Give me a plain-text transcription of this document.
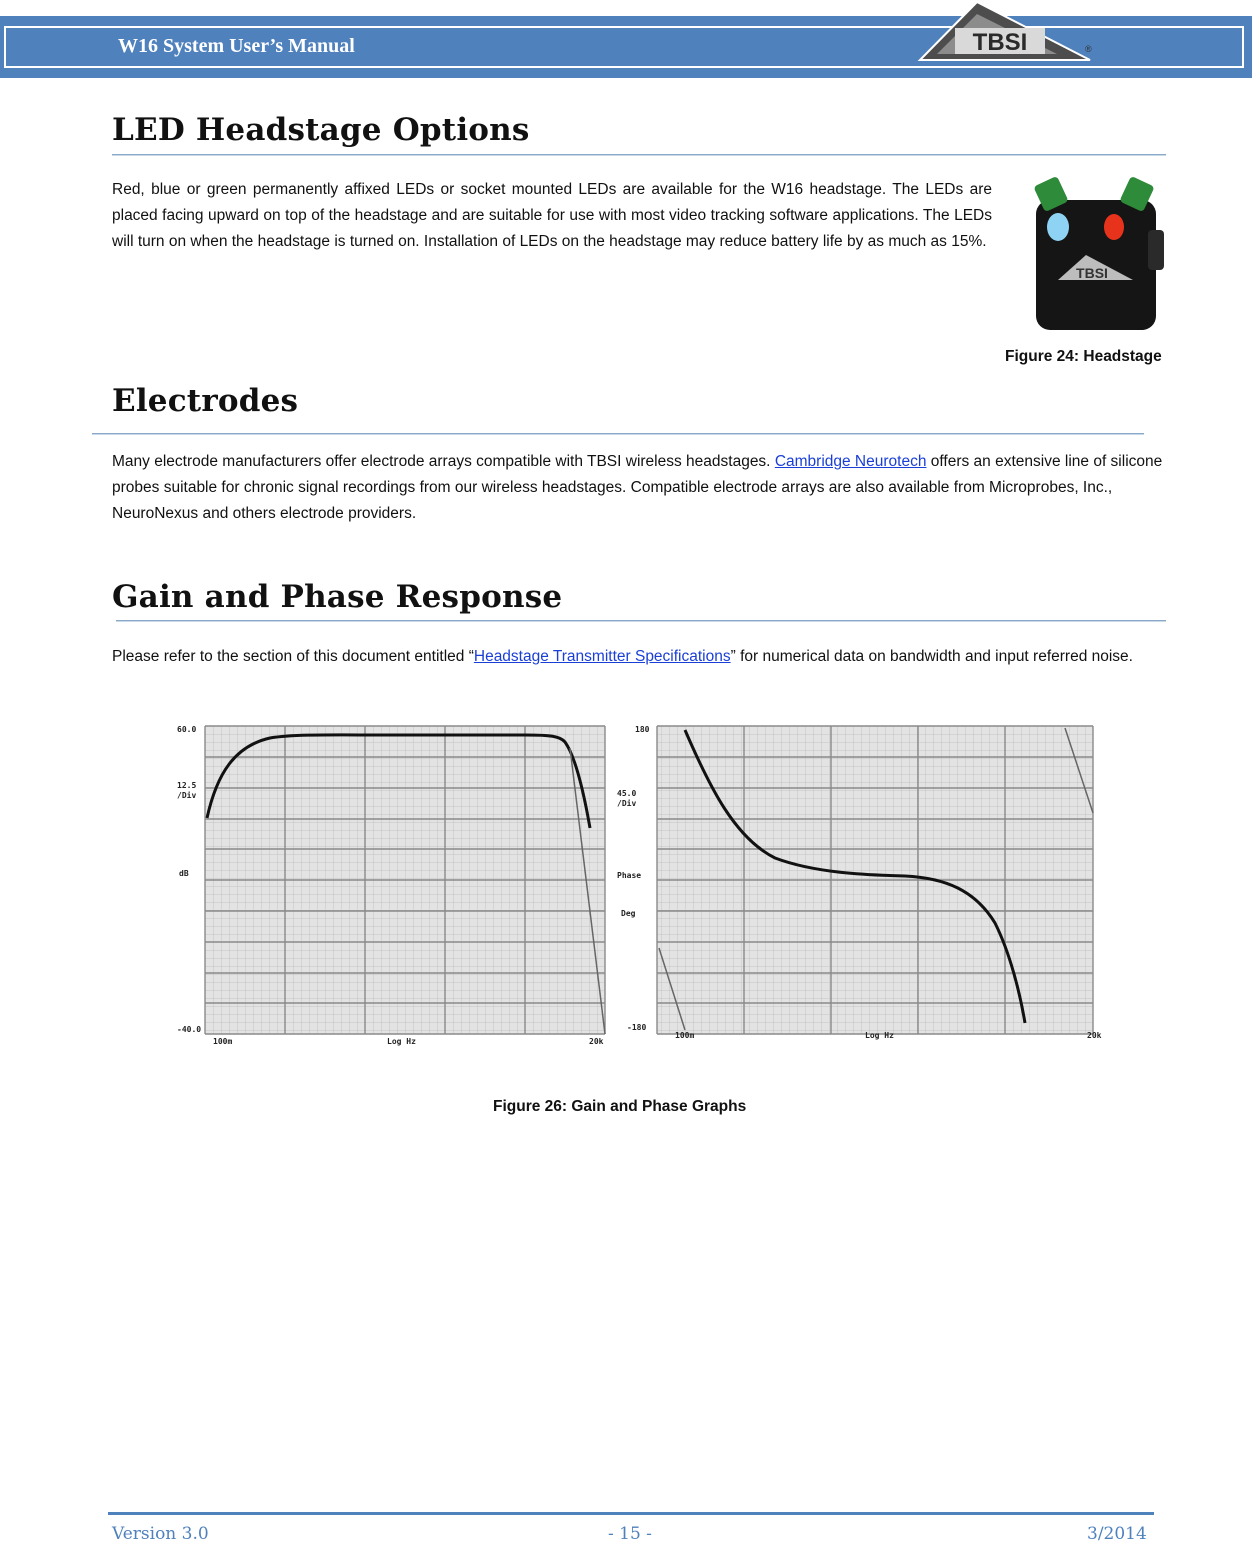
W16 System User’s Manual	TBSI	®
LED Headstage Options

Red, blue or green permanently affixed LEDs or socket mounted LEDs are available for the W16 headstage. The LEDs are placed facing upward on top of the headstage and are suitable for use with most video tracking software applications. The LEDs will turn on when the headstage is turned on. Installation of LEDs on the headstage may reduce battery life by as much as 15%.

TBSI
Figure 24: Headstage
Electrodes

Many electrode manufacturers offer electrode arrays compatible with TBSI wireless headstages. Cambridge Neurotech offers an extensive line of silicone probes suitable for chronic signal recordings from our wireless headstages. Compatible electrode arrays are also available from Microprobes, Inc., NeuroNexus and others electrode providers.

Gain and Phase Response

Please refer to the section of this document entitled “Headstage Transmitter Specifications” for numerical data on bandwidth and input referred noise.

60.0
12.5
/Div
dB
-40.0
100m	Log Hz	20k
180
45.0
/Div
Phase
Deg
-180
100m	Log Hz	20k
Figure 26: Gain and Phase Graphs
Version 3.0	- 15 -	3/2014
